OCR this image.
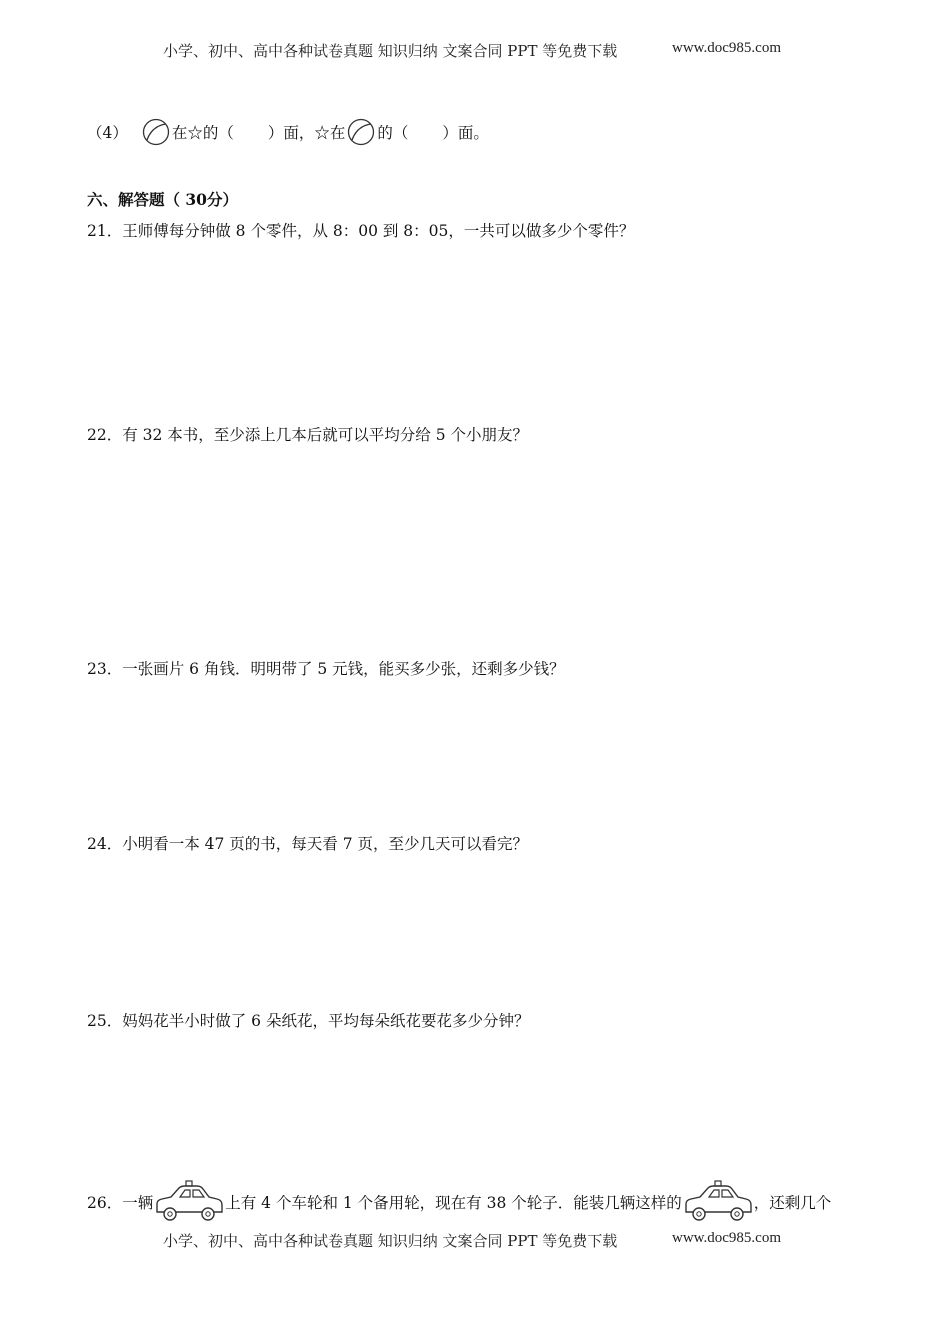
小学、初中、高中各种试卷真题 知识归纳 文案合同 PPT 等免费下载	www.doc985.com
（4）	在☆的（ ）面，☆在 的（ ）面。
六、解答题（ 30分）
21．王师傅每分钟做 8 个零件，从 8：00 到 8：05，一共可以做多少个零件？
22．有 32 本书，至少添上几本后就可以平均分给 5 个小朋友？
23．一张画片 6 角钱．明明带了 5 元钱，能买多少张，还剩多少钱？
24．小明看一本 47 页的书，每天看 7 页，至少几天可以看完？
25．妈妈花半小时做了 6 朵纸花，平均每朵纸花要花多少分钟？
26．一辆	上有 4 个车轮和 1 个备用轮，现在有 38 个轮子．能装几辆这样的	，还剩几个
小学、初中、高中各种试卷真题 知识归纳 文案合同 PPT 等免费下载	www.doc985.com
